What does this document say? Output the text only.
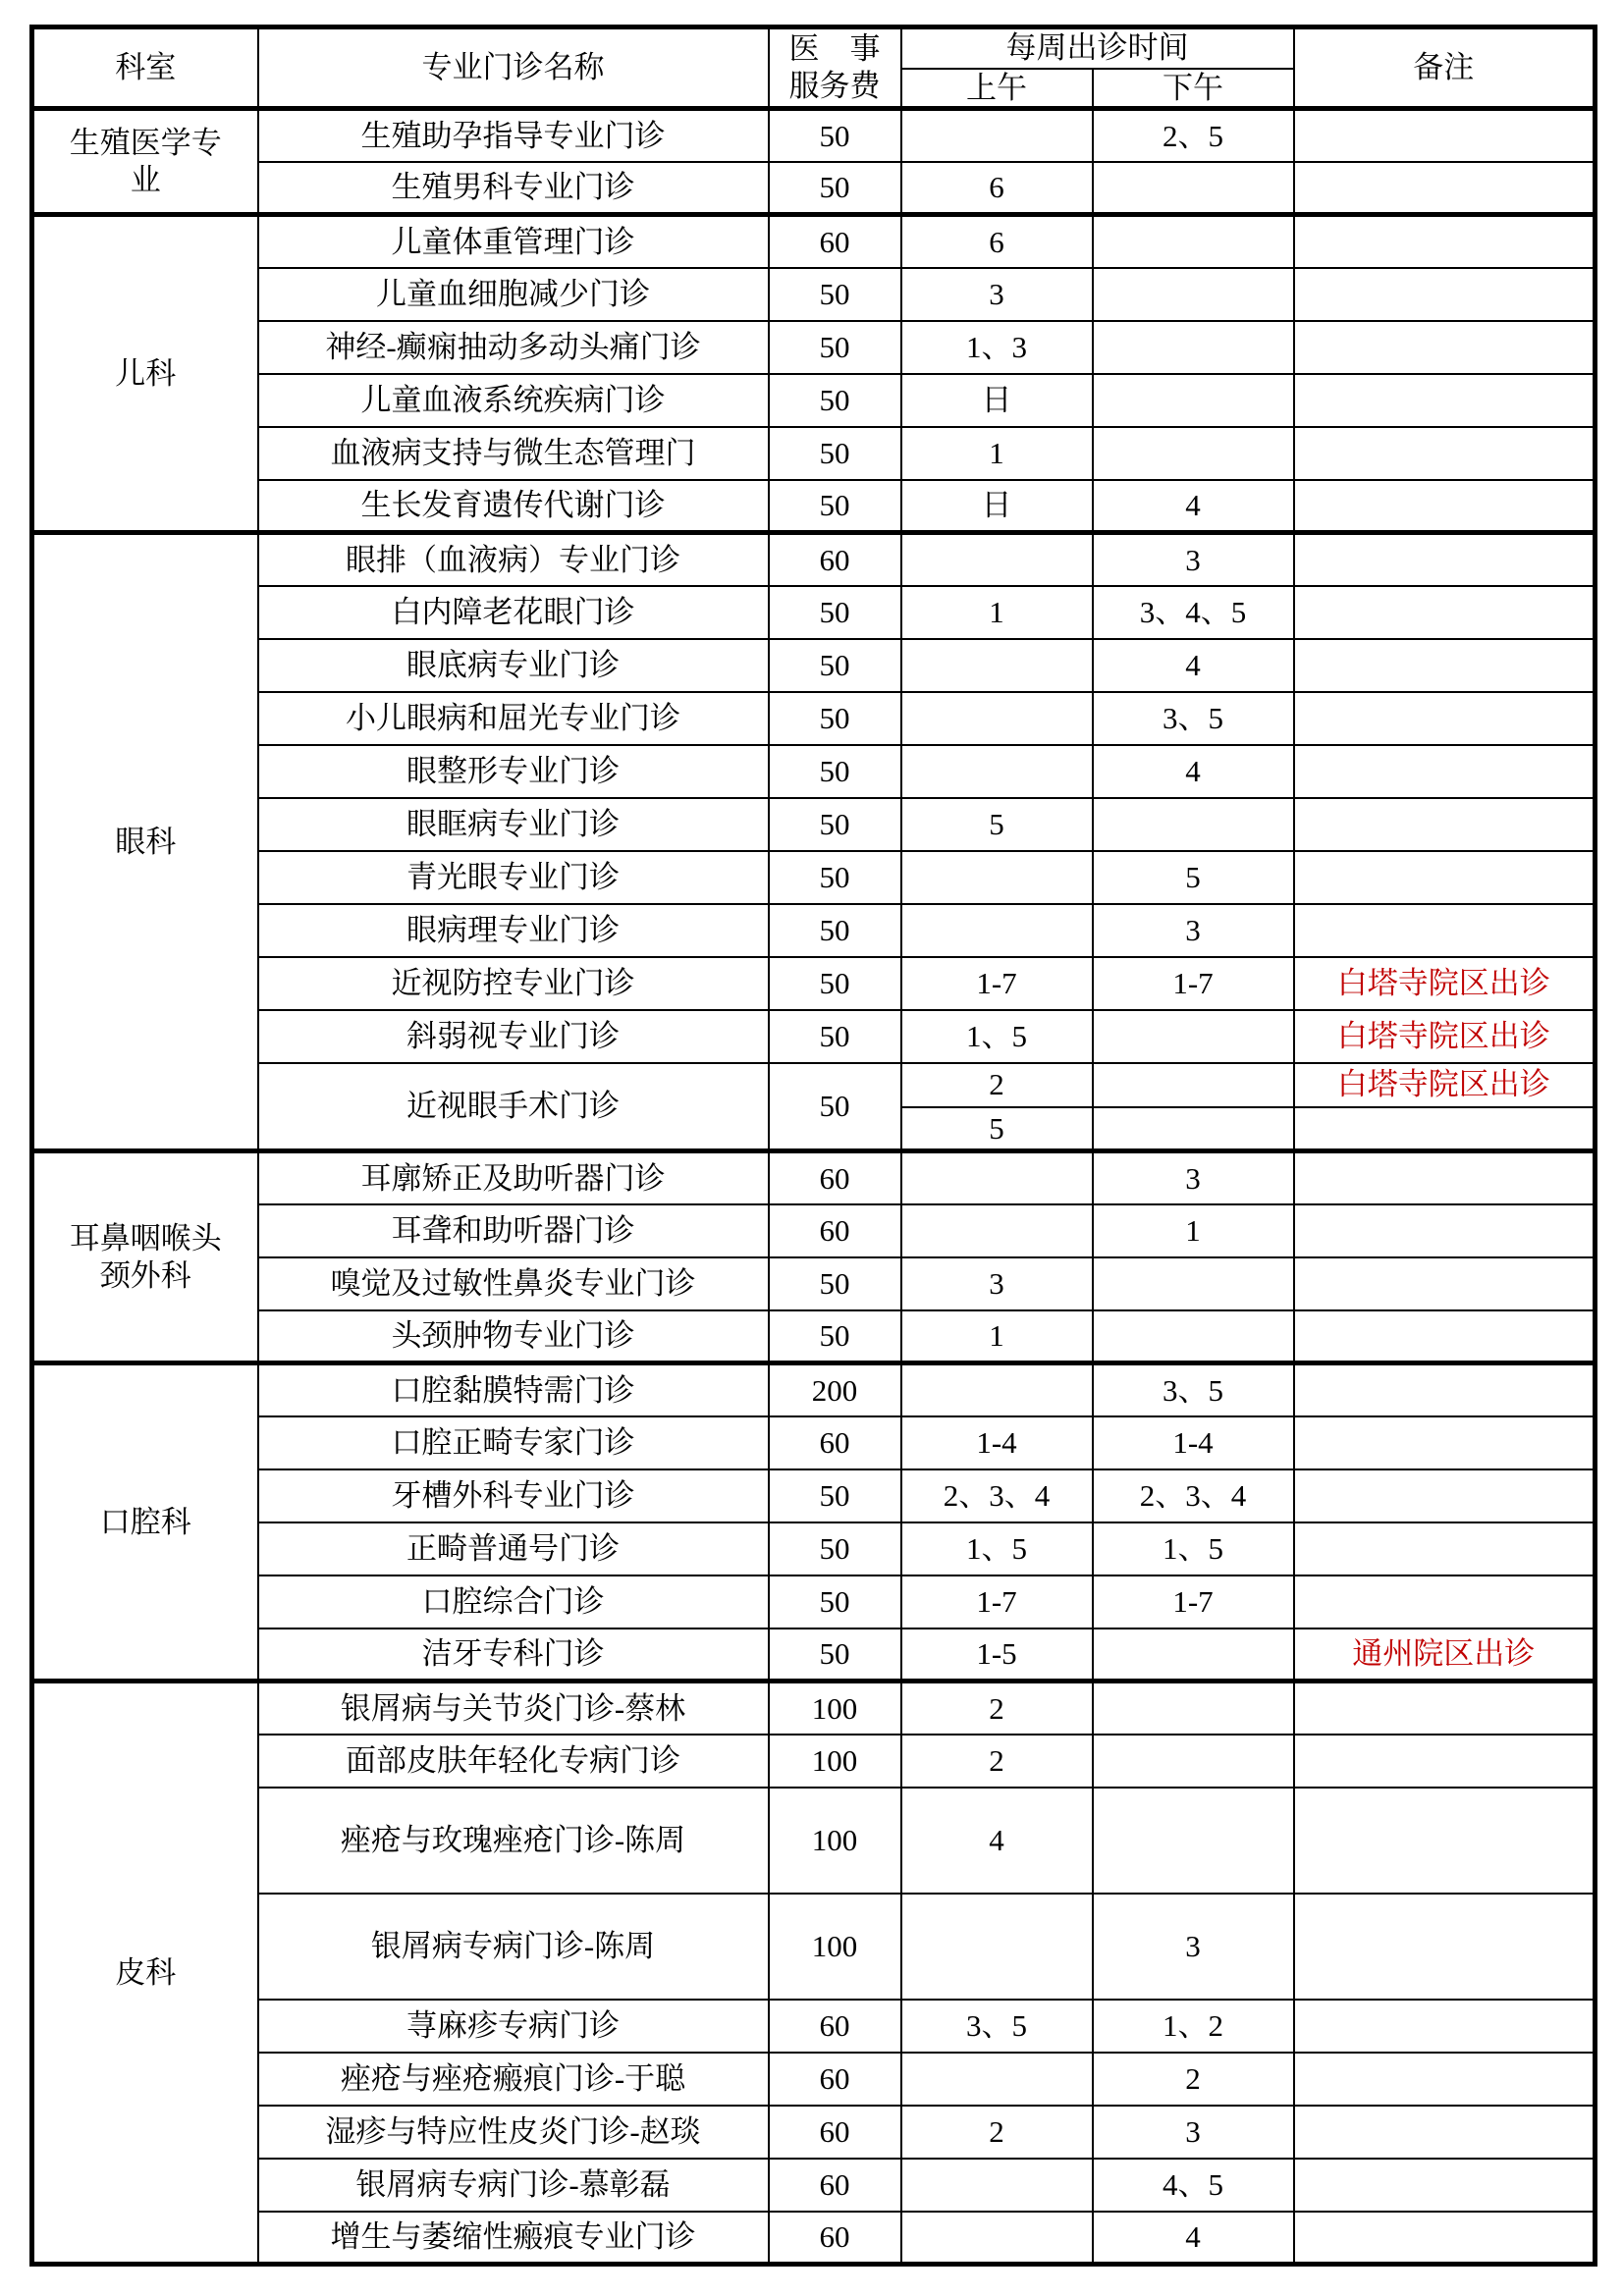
科室	专业门诊名称	医　事
服务费	每周出诊时间		备注
			上午	下午	
生殖医学专业	生殖助孕指导专业门诊	50		2、5	
	生殖男科专业门诊	50	6		
儿科	儿童体重管理门诊	60	6		
	儿童血细胞减少门诊	50	3		
	神经-癫痫抽动多动头痛门诊	50	1、3		
	儿童血液系统疾病门诊	50	日		
	血液病支持与微生态管理门	50	1		
	生长发育遗传代谢门诊	50	日	4	
眼科	眼排（血液病）专业门诊	60		3	
	白内障老花眼门诊	50	1	3、4、5	
	眼底病专业门诊	50		4	
	小儿眼病和屈光专业门诊	50		3、5	
	眼整形专业门诊	50		4	
	眼眶病专业门诊	50	5		
	青光眼专业门诊	50		5	
	眼病理专业门诊	50		3	
	近视防控专业门诊	50	1-7	1-7	白塔寺院区出诊
	斜弱视专业门诊	50	1、5		白塔寺院区出诊
	近视眼手术门诊	50	2		白塔寺院区出诊
			5		
耳鼻咽喉头颈外科	耳廓矫正及助听器门诊	60		3	
	耳聋和助听器门诊	60		1	
	嗅觉及过敏性鼻炎专业门诊	50	3		
	头颈肿物专业门诊	50	1		
口腔科	口腔黏膜特需门诊	200		3、5	
	口腔正畸专家门诊	60	1-4	1-4	
	牙槽外科专业门诊	50	2、3、4	2、3、4	
	正畸普通号门诊	50	1、5	1、5	
	口腔综合门诊	50	1-7	1-7	
	洁牙专科门诊	50	1-5		通州院区出诊
皮科	银屑病与关节炎门诊-蔡林	100	2		
	面部皮肤年轻化专病门诊	100	2		
	痤疮与玫瑰痤疮门诊-陈周	100	4		
	银屑病专病门诊-陈周	100		3	
	荨麻疹专病门诊	60	3、5	1、2	
	痤疮与痤疮瘢痕门诊-于聪	60		2	
	湿疹与特应性皮炎门诊-赵琰	60	2	3	
	银屑病专病门诊-慕彰磊	60		4、5	
	增生与萎缩性瘢痕专业门诊	60		4	
